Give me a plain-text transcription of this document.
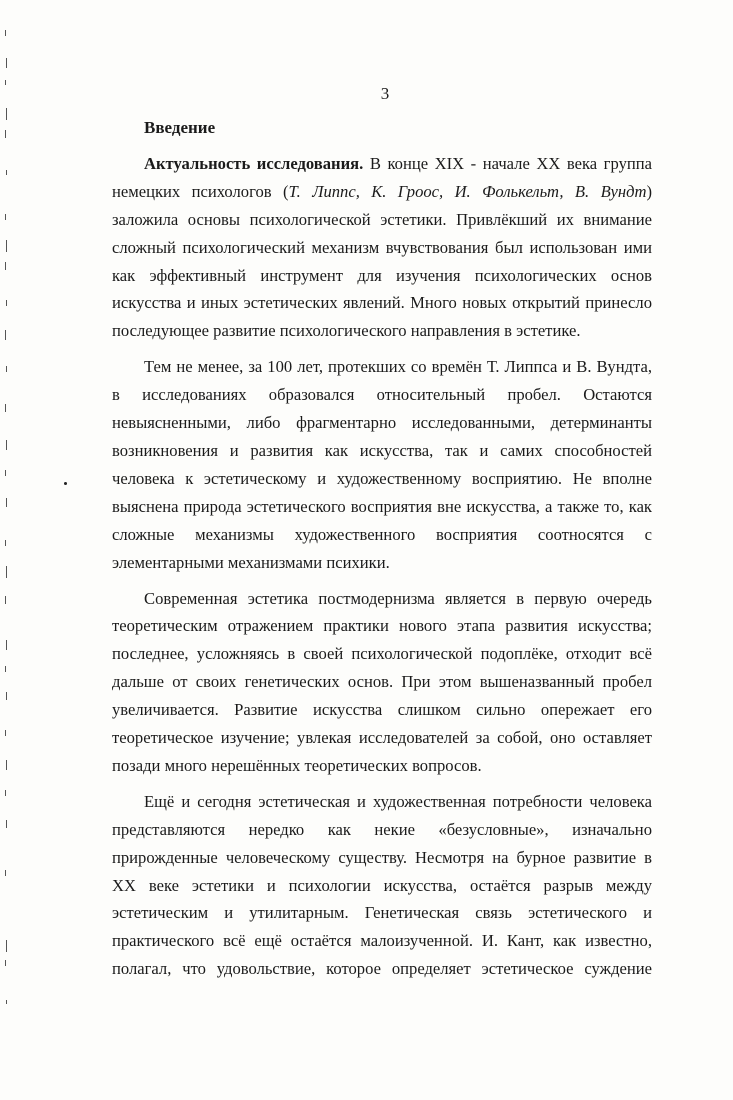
3
Введение

Актуальность исследования. В конце XIX - начале XX века группа немецких психологов (Т. Липпс, К. Гроос, И. Фолькельт, В. Вундт) заложила основы психологической эстетики. Привлёкший их внимание сложный психологический механизм вчувствования был использован ими как эффективный инструмент для изучения психологических основ искусства и иных эстетических явлений. Много новых открытий принесло последующее развитие психологического направления в эстетике.

Тем не менее, за 100 лет, протекших со времён Т. Липпса и В. Вундта, в исследованиях образовался относительный пробел. Остаются невыясненными, либо фрагментарно исследованными, детерминанты возникновения и развития как искусства, так и самих способностей человека к эстетическому и художественному восприятию. Не вполне выяснена природа эстетического восприятия вне искусства, а также то, как сложные механизмы художественного восприятия соотносятся с элементарными механизмами психики.

Современная эстетика постмодернизма является в первую очередь теоретическим отражением практики нового этапа развития искусства; последнее, усложняясь в своей психологической подоплёке, отходит всё дальше от своих генетических основ. При этом вышеназванный пробел увеличивается. Развитие искусства слишком сильно опережает его теоретическое изучение; увлекая исследователей за собой, оно оставляет позади много нерешённых теоретических вопросов.

Ещё и сегодня эстетическая и художественная потребности человека представляются нередко как некие «безусловные», изначально прирожденные человеческому существу. Несмотря на бурное развитие в XX веке эстетики и психологии искусства, остаётся разрыв между эстетическим и утилитарным. Генетическая связь эстетического и практического всё ещё остаётся малоизученной. И. Кант, как известно, полагал, что удовольствие, которое определяет эстетическое суждение
